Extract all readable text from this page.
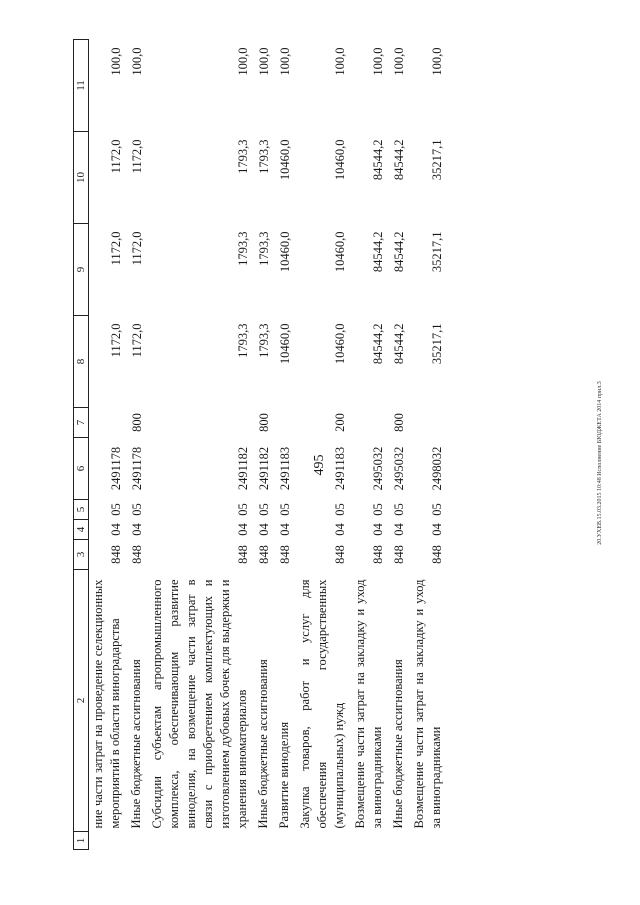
495	20.УХЕВ.15.03.2015 10:48 Исполнение БЮДЖЕТА 2014 прил.3
1	2	3	4	5	6	7	8	9	10	11
	ние части затрат на проведение селекционных мероприятий в области виноградарства	848	04	05	2491178		1172,0	1172,0	1172,0	100,0
	Иные бюджетные ассигнования	848	04	05	2491178	800	1172,0	1172,0	1172,0	100,0
	Субсидии субъектам агропромышленного комплекса, обеспечивающим развитие виноделия, на возмещение части затрат в связи с приобретением комплектующих и изготовлением дубовых бочек для выдержки и хранения виноматериалов	848	04	05	2491182		1793,3	1793,3	1793,3	100,0
	Иные бюджетные ассигнования	848	04	05	2491182	800	1793,3	1793,3	1793,3	100,0
	Развитие виноделия	848	04	05	2491183		10460,0	10460,0	10460,0	100,0
	Закупка товаров, работ и услуг для обеспечения государственных (муниципальных) нужд	848	04	05	2491183	200	10460,0	10460,0	10460,0	100,0
	Возмещение части затрат на закладку и уход за виноградниками	848	04	05	2495032		84544,2	84544,2	84544,2	100,0
	Иные бюджетные ассигнования	848	04	05	2495032	800	84544,2	84544,2	84544,2	100,0
	Возмещение части затрат на закладку и уход за виноградниками	848	04	05	2498032		35217,1	35217,1	35217,1	100,0
